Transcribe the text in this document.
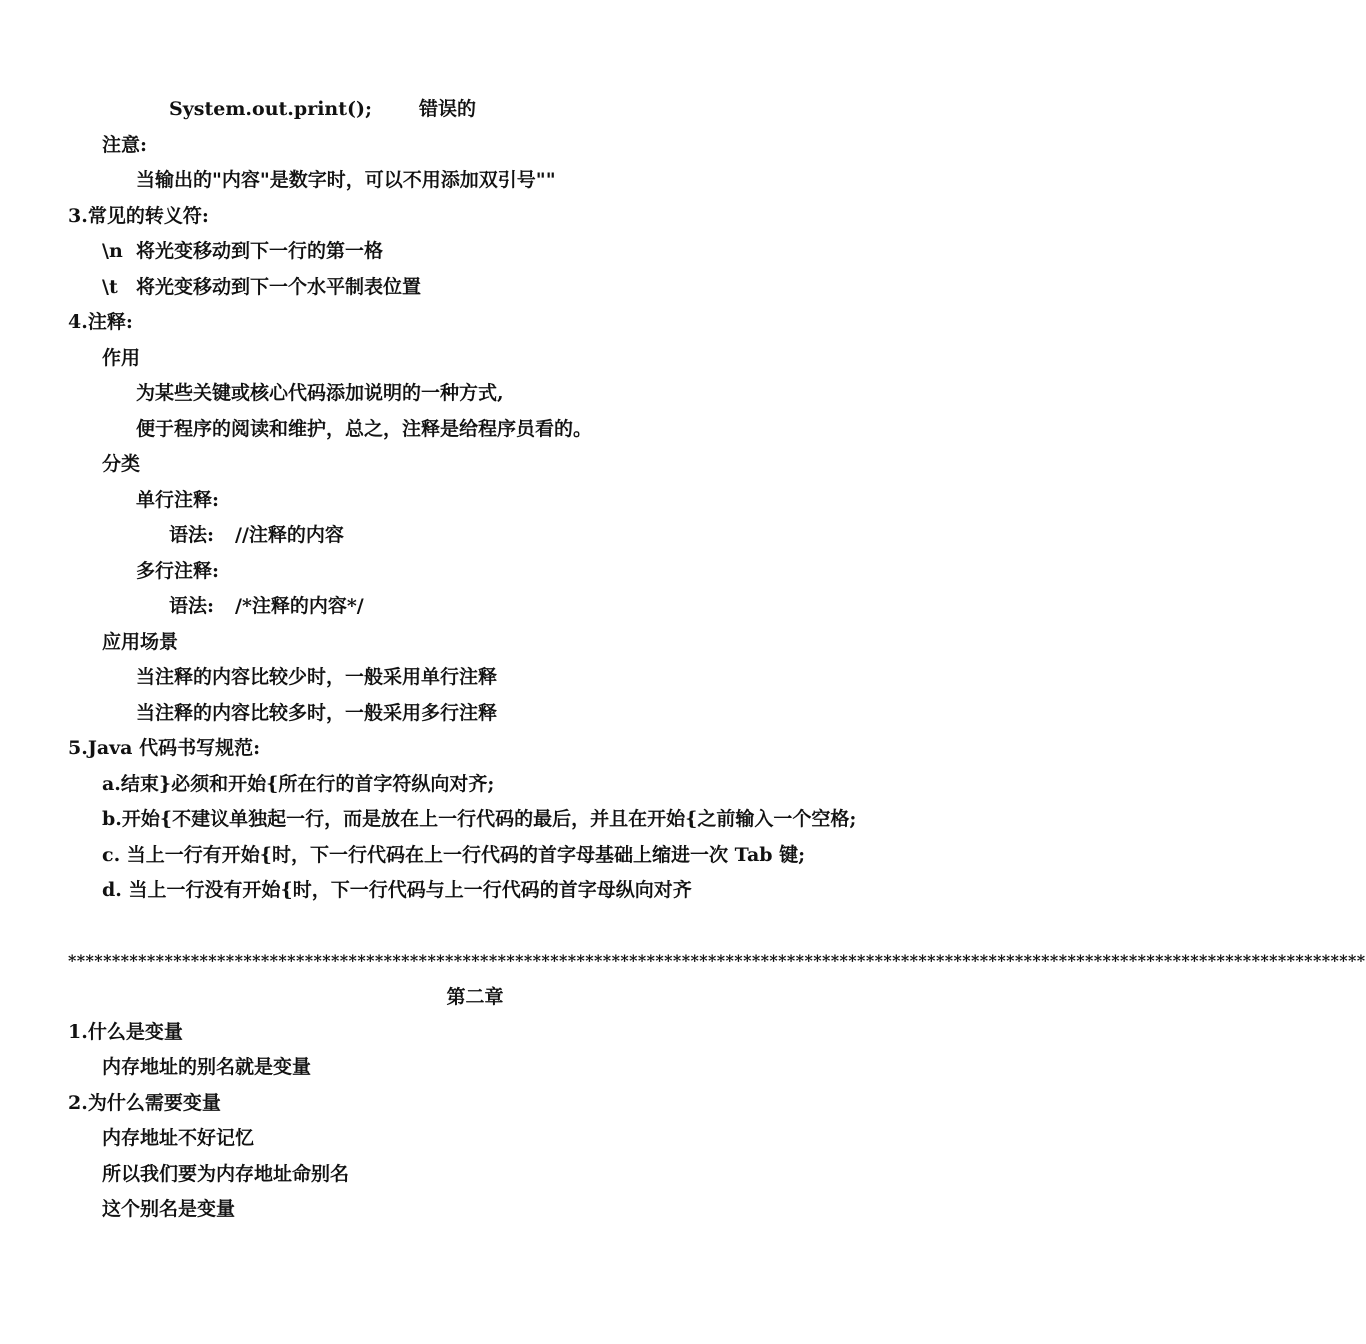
System.out.print(); 错误的
注意:
当输出的"内容"是数字时，可以不用添加双引号""
3.常见的转义符:
\n 将光变移动到下一行的第一格
\t 将光变移动到下一个水平制表位置
4.注释:
作用
为某些关键或核心代码添加说明的一种方式,
便于程序的阅读和维护，总之，注释是给程序员看的。
分类
单行注释:
语法: //注释的内容
多行注释:
语法: /*注释的内容*/
应用场景
当注释的内容比较少时，一般采用单行注释
当注释的内容比较多时，一般采用多行注释
5.Java 代码书写规范:
a.结束}必须和开始{所在行的首字符纵向对齐;
b.开始{不建议单独起一行，而是放在上一行代码的最后，并且在开始{之前输入一个空格;
c. 当上一行有开始{时，下一行代码在上一行代码的首字母基础上缩进一次 Tab 键;
d. 当上一行没有开始{时，下一行代码与上一行代码的首字母纵向对齐
****************************************************************************************************************************************************
第二章
1.什么是变量
内存地址的别名就是变量
2.为什么需要变量
内存地址不好记忆
所以我们要为内存地址命别名
这个别名是变量
